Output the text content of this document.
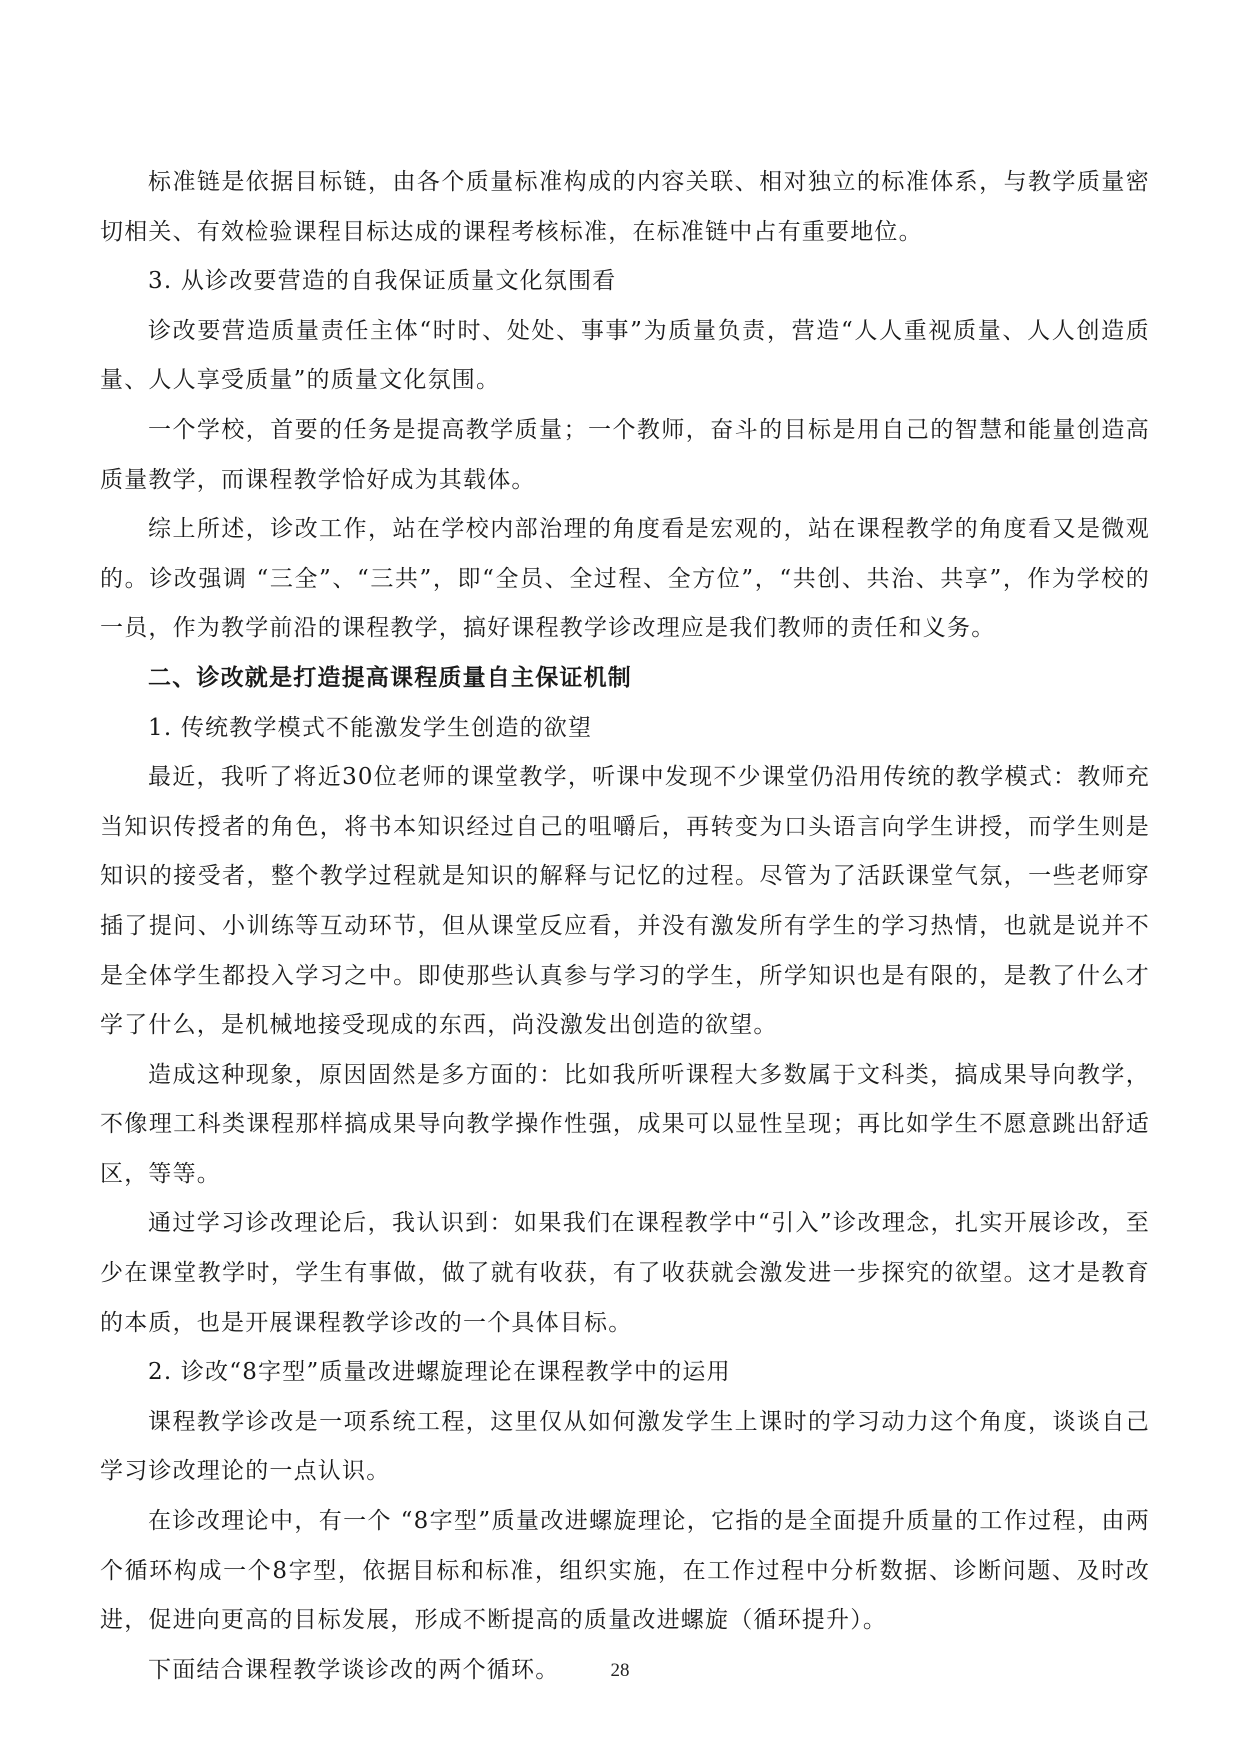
标准链是依据目标链，由各个质量标准构成的内容关联、相对独立的标准体系，与教学质量密切相关、有效检验课程目标达成的课程考核标准，在标准链中占有重要地位。

3. 从诊改要营造的自我保证质量文化氛围看

诊改要营造质量责任主体“时时、处处、事事”为质量负责，营造“人人重视质量、人人创造质量、人人享受质量”的质量文化氛围。

一个学校，首要的任务是提高教学质量；一个教师，奋斗的目标是用自己的智慧和能量创造高质量教学，而课程教学恰好成为其载体。

综上所述，诊改工作，站在学校内部治理的角度看是宏观的，站在课程教学的角度看又是微观的。诊改强调 “三全”、“三共”，即“全员、全过程、全方位”，“共创、共治、共享”，作为学校的一员，作为教学前沿的课程教学，搞好课程教学诊改理应是我们教师的责任和义务。

二、诊改就是打造提高课程质量自主保证机制

1. 传统教学模式不能激发学生创造的欲望

最近，我听了将近30位老师的课堂教学，听课中发现不少课堂仍沿用传统的教学模式：教师充当知识传授者的角色，将书本知识经过自己的咀嚼后，再转变为口头语言向学生讲授，而学生则是知识的接受者，整个教学过程就是知识的解释与记忆的过程。尽管为了活跃课堂气氛，一些老师穿插了提问、小训练等互动环节，但从课堂反应看，并没有激发所有学生的学习热情，也就是说并不是全体学生都投入学习之中。即使那些认真参与学习的学生，所学知识也是有限的，是教了什么才学了什么，是机械地接受现成的东西，尚没激发出创造的欲望。

造成这种现象，原因固然是多方面的：比如我所听课程大多数属于文科类，搞成果导向教学，不像理工科类课程那样搞成果导向教学操作性强，成果可以显性呈现；再比如学生不愿意跳出舒适区，等等。

通过学习诊改理论后，我认识到：如果我们在课程教学中“引入”诊改理念，扎实开展诊改，至少在课堂教学时，学生有事做，做了就有收获，有了收获就会激发进一步探究的欲望。这才是教育的本质，也是开展课程教学诊改的一个具体目标。

2. 诊改“8字型”质量改进螺旋理论在课程教学中的运用

课程教学诊改是一项系统工程，这里仅从如何激发学生上课时的学习动力这个角度，谈谈自己学习诊改理论的一点认识。

在诊改理论中，有一个 “8字型”质量改进螺旋理论，它指的是全面提升质量的工作过程，由两个循环构成一个8字型，依据目标和标准，组织实施，在工作过程中分析数据、诊断问题、及时改进，促进向更高的目标发展，形成不断提高的质量改进螺旋（循环提升）。

下面结合课程教学谈诊改的两个循环。	28
